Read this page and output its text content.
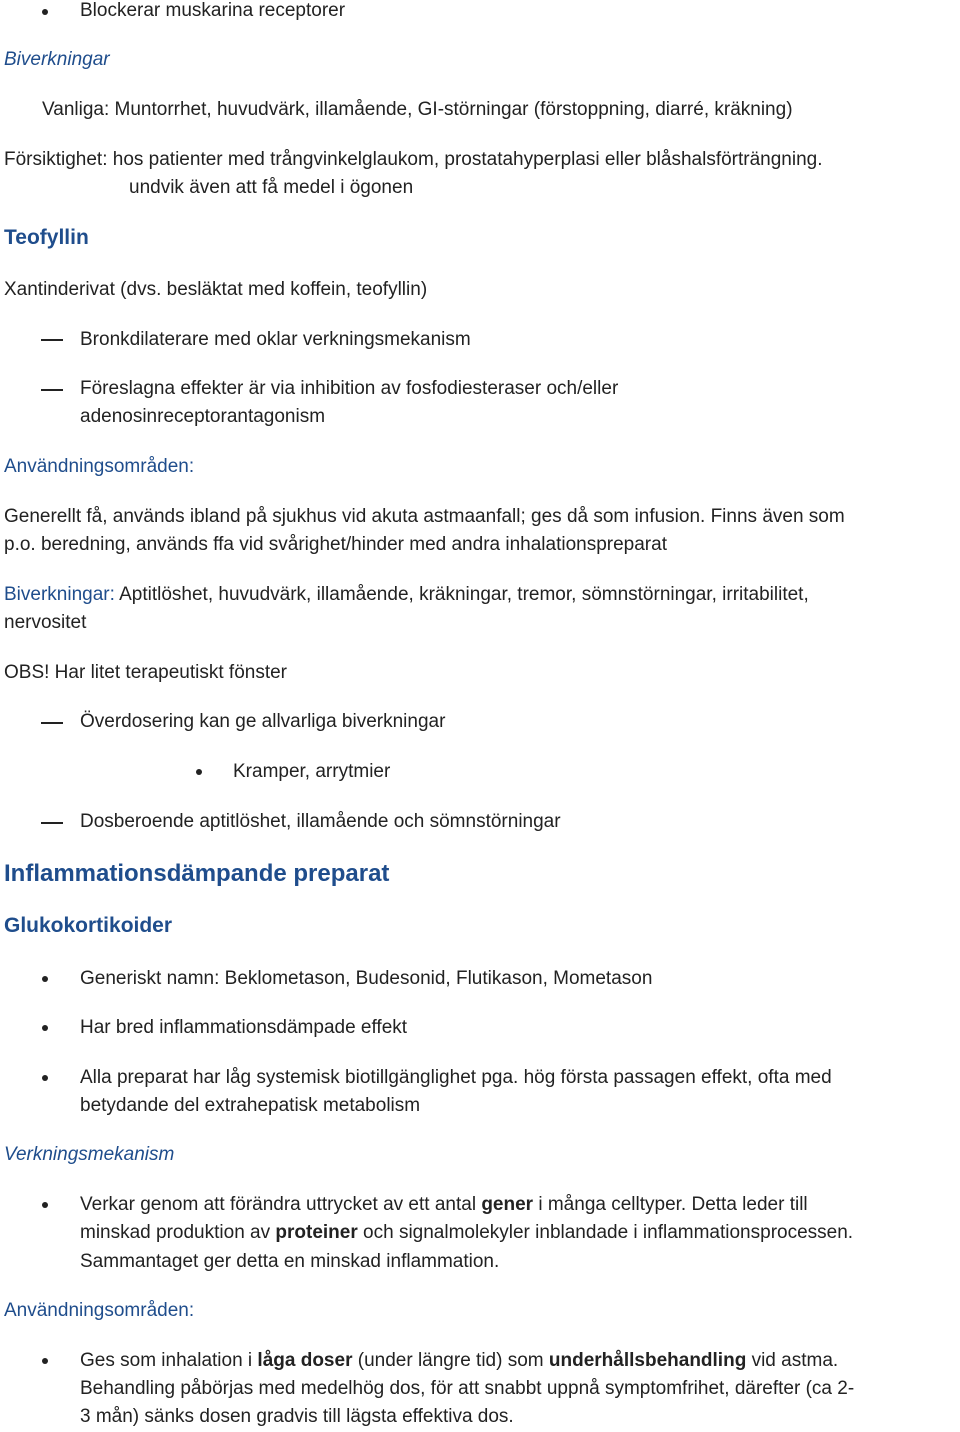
Blockerar muskarina receptorer
Biverkningar
Vanliga: Muntorrhet, huvudvärk, illamående, GI-störningar (förstoppning, diarré, kräkning)
Försiktighet: hos patienter med trångvinkelglaukom, prostatahyperplasi eller blåshalsförträngning.
undvik även att få medel i ögonen
Teofyllin
Xantinderivat (dvs. besläktat med koffein, teofyllin)
Bronkdilaterare med oklar verkningsmekanism
Föreslagna effekter är via inhibition av fosfodiesteraser och/eller
adenosinreceptorantagonism
Användningsområden:
Generellt få, används ibland på sjukhus vid akuta astmaanfall; ges då som infusion. Finns även som
p.o. beredning, används ffa vid svårighet/hinder med andra inhalationspreparat
Biverkningar: Aptitlöshet, huvudvärk, illamående, kräkningar, tremor, sömnstörningar, irritabilitet,
nervositet
OBS! Har litet terapeutiskt fönster
Överdosering kan ge allvarliga biverkningar
Kramper, arrytmier
Dosberoende aptitlöshet, illamående och sömnstörningar
Inflammationsdämpande preparat
Glukokortikoider
Generiskt namn: Beklometason, Budesonid, Flutikason, Mometason
Har bred inflammationsdämpade effekt
Alla preparat har låg systemisk biotillgänglighet pga. hög första passagen effekt, ofta med
betydande del extrahepatisk metabolism
Verkningsmekanism
Verkar genom att förändra uttrycket av ett antal gener i många celltyper. Detta leder till
minskad produktion av proteiner och signalmolekyler inblandade i inflammationsprocessen.
Sammantaget ger detta en minskad inflammation.
Användningsområden:
Ges som inhalation i låga doser (under längre tid) som underhållsbehandling vid astma.
Behandling påbörjas med medelhög dos, för att snabbt uppnå symptomfrihet, därefter (ca 2-
3 mån) sänks dosen gradvis till lägsta effektiva dos.
